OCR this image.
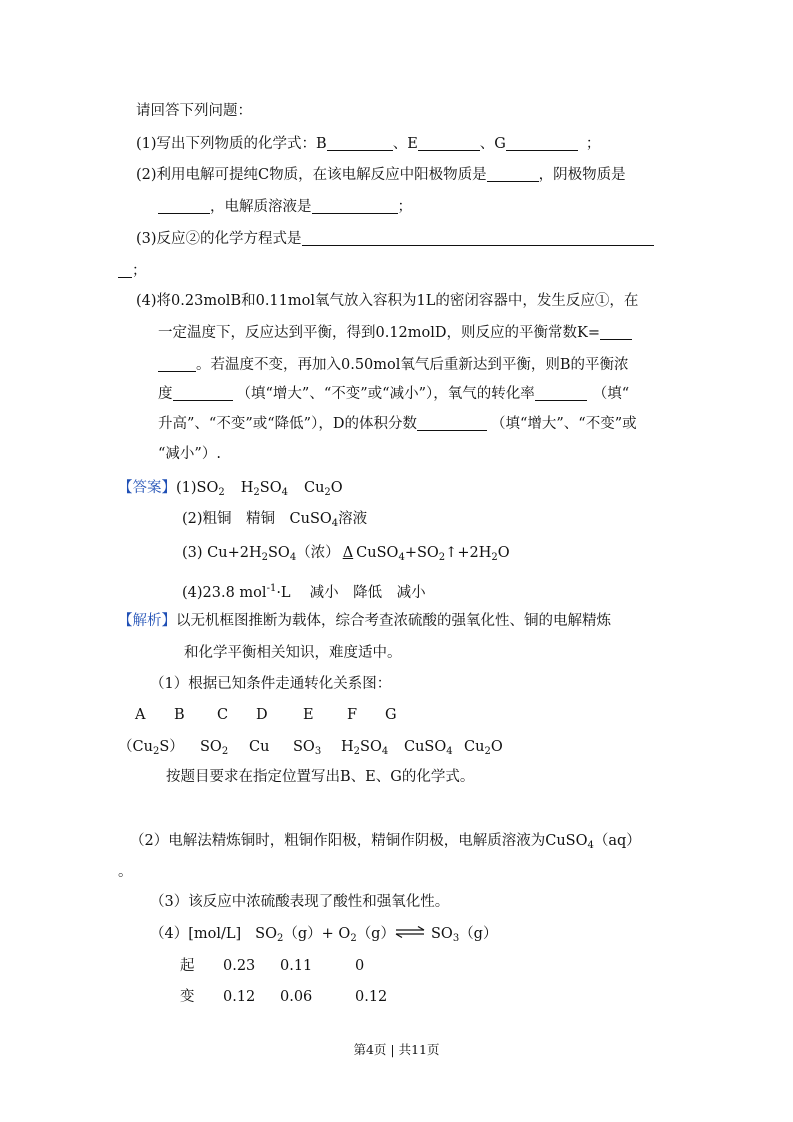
请回答下列问题：
(1)写出下列物质的化学式：B	、E	、G	；
(2)利用电解可提纯C物质，在该电解反应中阳极物质是	，阴极物质是
，电解质溶液是	；
(3)反应②的化学方程式是
；
(4)将0.23molB和0.11mol氧气放入容积为1L的密闭容器中，发生反应①，在
一定温度下，反应达到平衡，得到0.12molD，则反应的平衡常数K=
。若温度不变，再加入0.50mol氧气后重新达到平衡，则B的平衡浓
度	（填“增大”、“不变”或“减小”），氧气的转化率	（填“
升高”、“不变”或“降低”），D的体积分数	（填“增大”、“不变”或
“减小”）.
【答案】$(1)SO_2$ $H_2SO_4$ $Cu_2O$
(2)粗铜　精铜　CuSO$_4$溶液
(3) $Cu+2H_2SO_4$（浓） Δ $CuSO_4+SO_2↑+2H_2O$
(4)23.8 mol$^{-1}$·L　 减小　降低　减小
【解析】以无机框图推断为载体，综合考查浓硫酸的强氧化性、铜的电解精炼
和化学平衡相关知识，难度适中。
（1）根据已知条件走通转化关系图：
A B C D E F G
$(Cu_2S)$ $SO_2$ Cu $SO_3$ $H_2SO_4$ CuSO$_4$ $Cu_2O$
按题目要求在指定位置写出B、E、G的化学式。
（2）电解法精炼铜时，粗铜作阳极，精铜作阴极，电解质溶液为CuSO$_4$（aq）
。
（3）该反应中浓硫酸表现了酸性和强氧化性。
（4）[mol/L] $SO_2(g)+$ $O_2(g)\rightleftharpoons$ $SO_3(g)$
起 0.23 0.11	0
变 0.12 0.06	0.12
第4页 | 共11页
